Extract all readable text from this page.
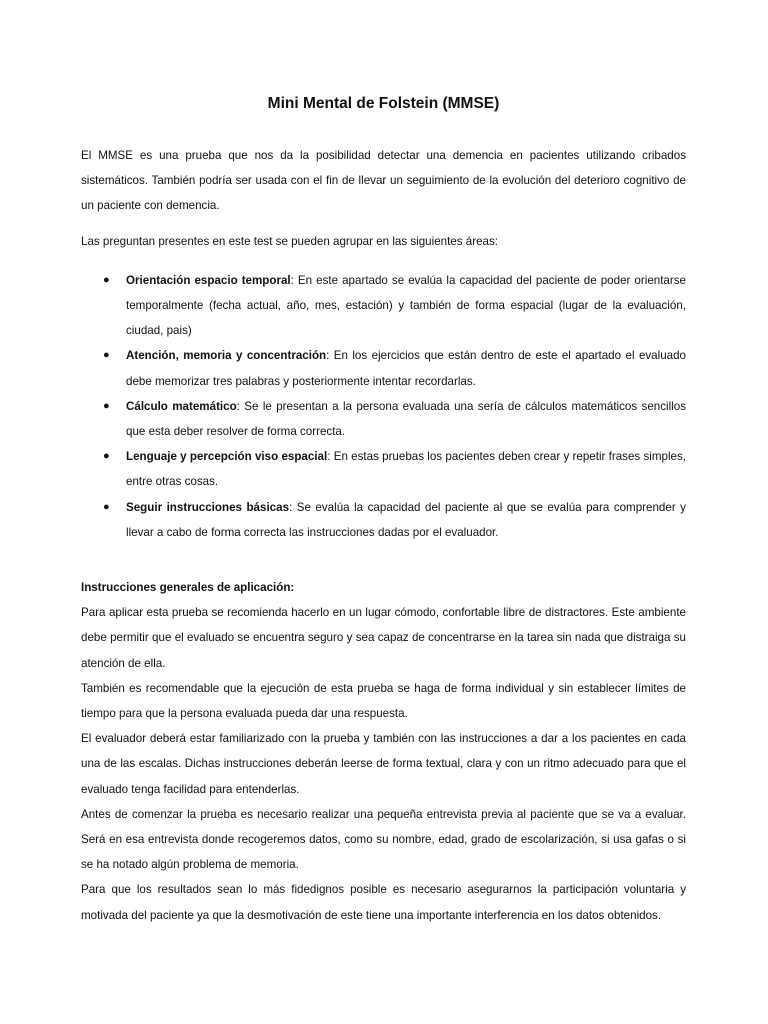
Mini Mental de Folstein (MMSE)

El MMSE es una prueba que nos da la posibilidad detectar una demencia en pacientes utilizando cribados sistemáticos. También podría ser usada con el fin de llevar un seguimiento de la evolución del deterioro cognitivo de un paciente con demencia.

Las preguntan presentes en este test se pueden agrupar en las siguientes áreas:

● Orientación espacio temporal: En este apartado se evalúa la capacidad del paciente de poder orientarse temporalmente (fecha actual, año, mes, estación) y también de forma espacial (lugar de la evaluación, ciudad, pais)
● Atención, memoria y concentración: En los ejercicios que están dentro de este el apartado el evaluado debe memorizar tres palabras y posteriormente intentar recordarlas.
● Cálculo matemático: Se le presentan a la persona evaluada una sería de cálculos matemáticos sencillos que esta deber resolver de forma correcta.
● Lenguaje y percepción viso espacial: En estas pruebas los pacientes deben crear y repetir frases simples, entre otras cosas.
● Seguir instrucciones básicas: Se evalúa la capacidad del paciente al que se evalúa para comprender y llevar a cabo de forma correcta las instrucciones dadas por el evaluador.

Instrucciones generales de aplicación:

Para aplicar esta prueba se recomienda hacerlo en un lugar cómodo, confortable libre de distractores. Este ambiente debe permitir que el evaluado se encuentra seguro y sea capaz de concentrarse en la tarea sin nada que distraiga su atención de ella.

También es recomendable que la ejecución de esta prueba se haga de forma individual y sin establecer límites de tiempo para que la persona evaluada pueda dar una respuesta.

El evaluador deberá estar familiarizado con la prueba y también con las instrucciones a dar a los pacientes en cada una de las escalas. Dichas instrucciones deberán leerse de forma textual, clara y con un ritmo adecuado para que el evaluado tenga facilidad para entenderlas.

Antes de comenzar la prueba es necesario realizar una pequeña entrevista previa al paciente que se va a evaluar. Será en esa entrevista donde recogeremos datos, como su nombre, edad, grado de escolarización, si usa gafas o si se ha notado algún problema de memoria.

Para que los resultados sean lo más fidedignos posible es necesario asegurarnos la participación voluntaria y motivada del paciente ya que la desmotivación de este tiene una importante interferencia en los datos obtenidos.
